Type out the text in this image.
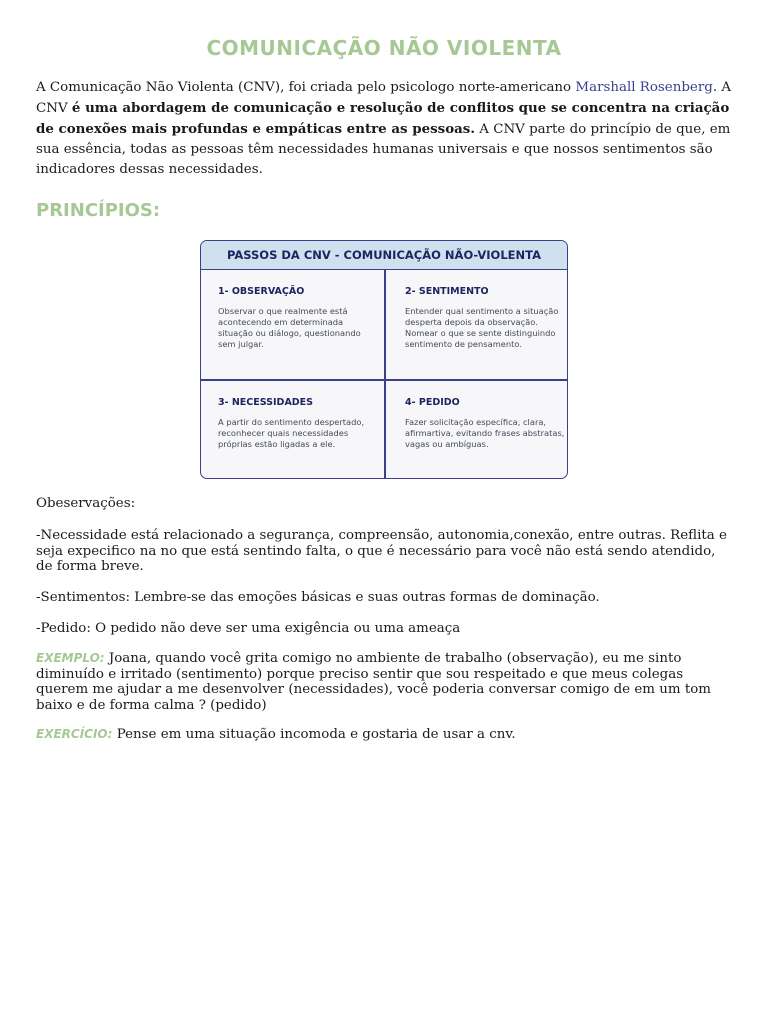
COMUNICAÇÃO NÃO VIOLENTA

A Comunicação Não Violenta (CNV), foi criada pelo psicologo norte-americano Marshall Rosenberg. A CNV é uma abordagem de comunicação e resolução de conflitos que se concentra na criação de conexões mais profundas e empáticas entre as pessoas. A CNV parte do princípio de que, em sua essência, todas as pessoas têm necessidades humanas universais e que nossos sentimentos são indicadores dessas necessidades.

PRINCÍPIOS:
PASSOS DA CNV - COMUNICAÇÃO NÃO-VIOLENTA
1- OBSERVAÇÃO
Observar o que realmente está acontecendo em determinada situação ou diálogo, questionando sem julgar.
2- SENTIMENTO
Entender qual sentimento a situação desperta depois da observação. Nomear o que se sente distinguindo sentimento de pensamento.
3- NECESSIDADES
A partir do sentimento despertado, reconhecer quais necessidades próprias estão ligadas a ele.
4- PEDIDO
Fazer solicitação específica, clara, afirmartiva, evitando frases abstratas, vagas ou ambíguas.

Obeservações:

-Necessidade está relacionado a segurança, compreensão, autonomia,conexão, entre outras. Reflita e seja expecifico na no que está sentindo falta, o que é necessário para você não está sendo atendido, de forma breve.

-Sentimentos: Lembre-se das emoções básicas e suas outras formas de dominação.

-Pedido: O pedido não deve ser uma exigência ou uma ameaça

EXEMPLO: Joana, quando você grita comigo no ambiente de trabalho (observação), eu me sinto diminuído e irritado (sentimento) porque preciso sentir que sou respeitado e que meus colegas querem me ajudar a me desenvolver (necessidades), você poderia conversar comigo de em um tom baixo e de forma calma ? (pedido)

EXERCÍCIO: Pense em uma situação incomoda e gostaria de usar a cnv.
